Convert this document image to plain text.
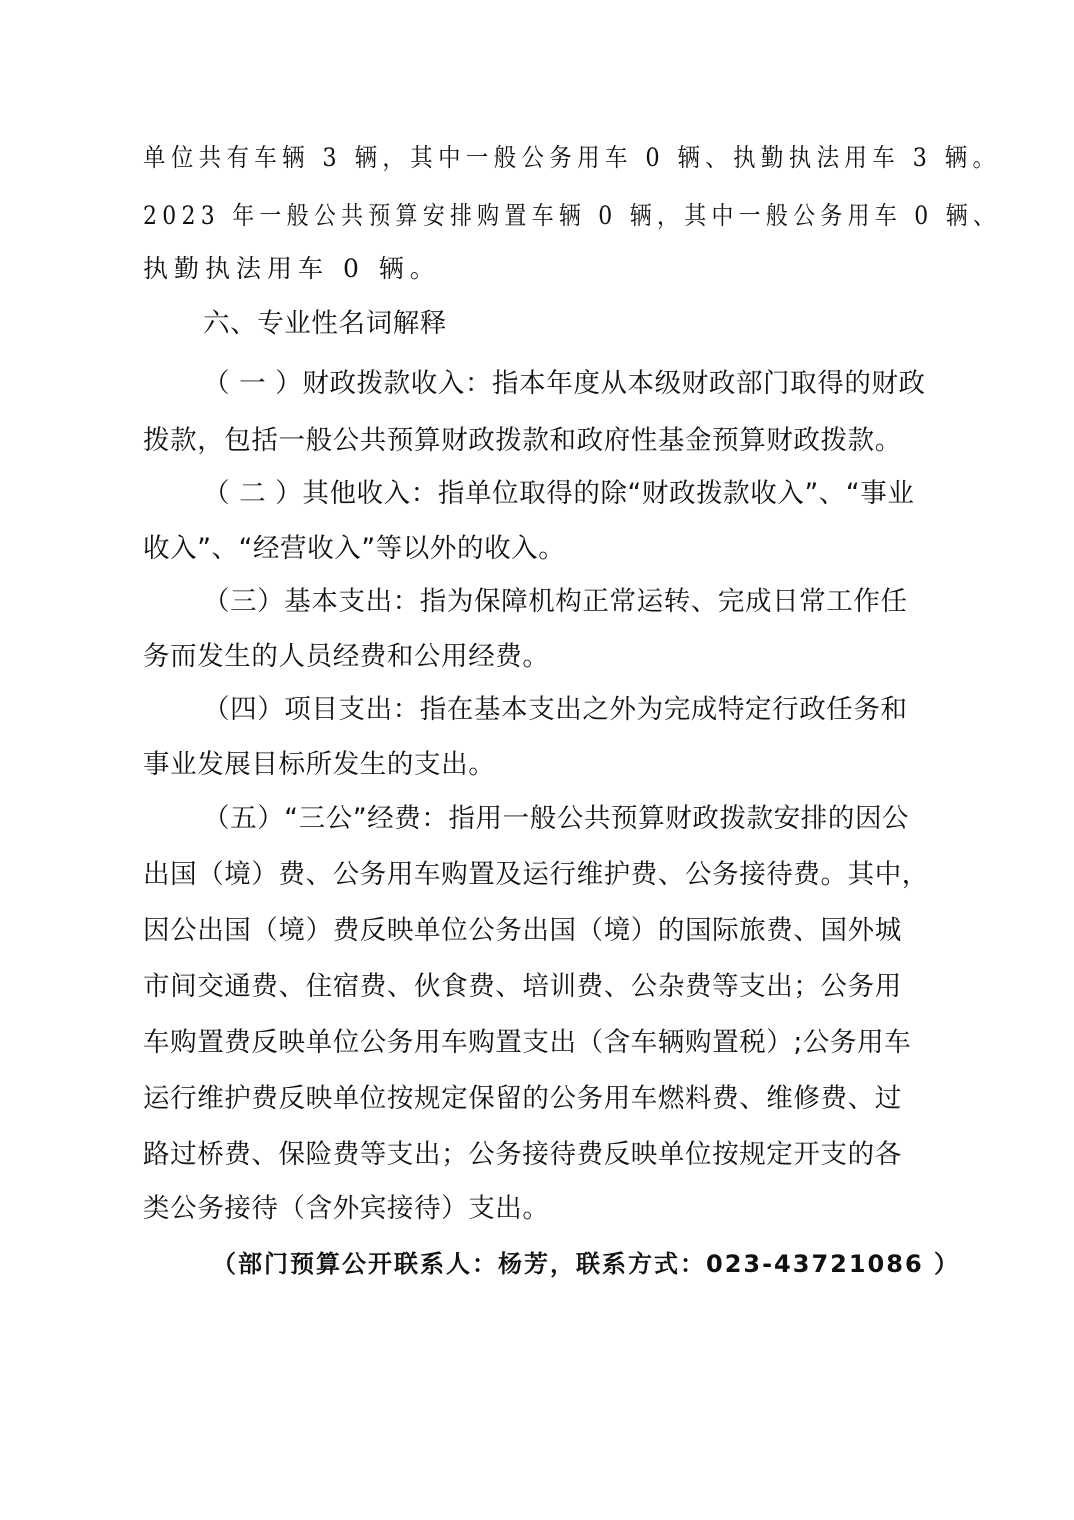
单位共有车辆 3 辆，其中一般公务用车 0 辆、执勤执法用车 3 辆。
2023 年一般公共预算安排购置车辆 0 辆，其中一般公务用车 0 辆、
执勤执法用车 0 辆。
六、专业性名词解释
（ 一 ）财政拨款收入：指本年度从本级财政部门取得的财政
拨款，包括一般公共预算财政拨款和政府性基金预算财政拨款。
（ 二 ）其他收入：指单位取得的除“财政拨款收入”、“事业
收入”、“经营收入”等以外的收入。
（三）基本支出：指为保障机构正常运转、完成日常工作任
务而发生的人员经费和公用经费。
（四）项目支出：指在基本支出之外为完成特定行政任务和
事业发展目标所发生的支出。
（五）“三公”经费：指用一般公共预算财政拨款安排的因公
出国（境）费、公务用车购置及运行维护费、公务接待费。其中，
因公出国（境）费反映单位公务出国（境）的国际旅费、国外城
市间交通费、住宿费、伙食费、培训费、公杂费等支出；公务用
车购置费反映单位公务用车购置支出（含车辆购置税）;公务用车
运行维护费反映单位按规定保留的公务用车燃料费、维修费、过
路过桥费、保险费等支出；公务接待费反映单位按规定开支的各
类公务接待（含外宾接待）支出。
（部门预算公开联系人：杨芳，联系方式：023-43721086 ）
